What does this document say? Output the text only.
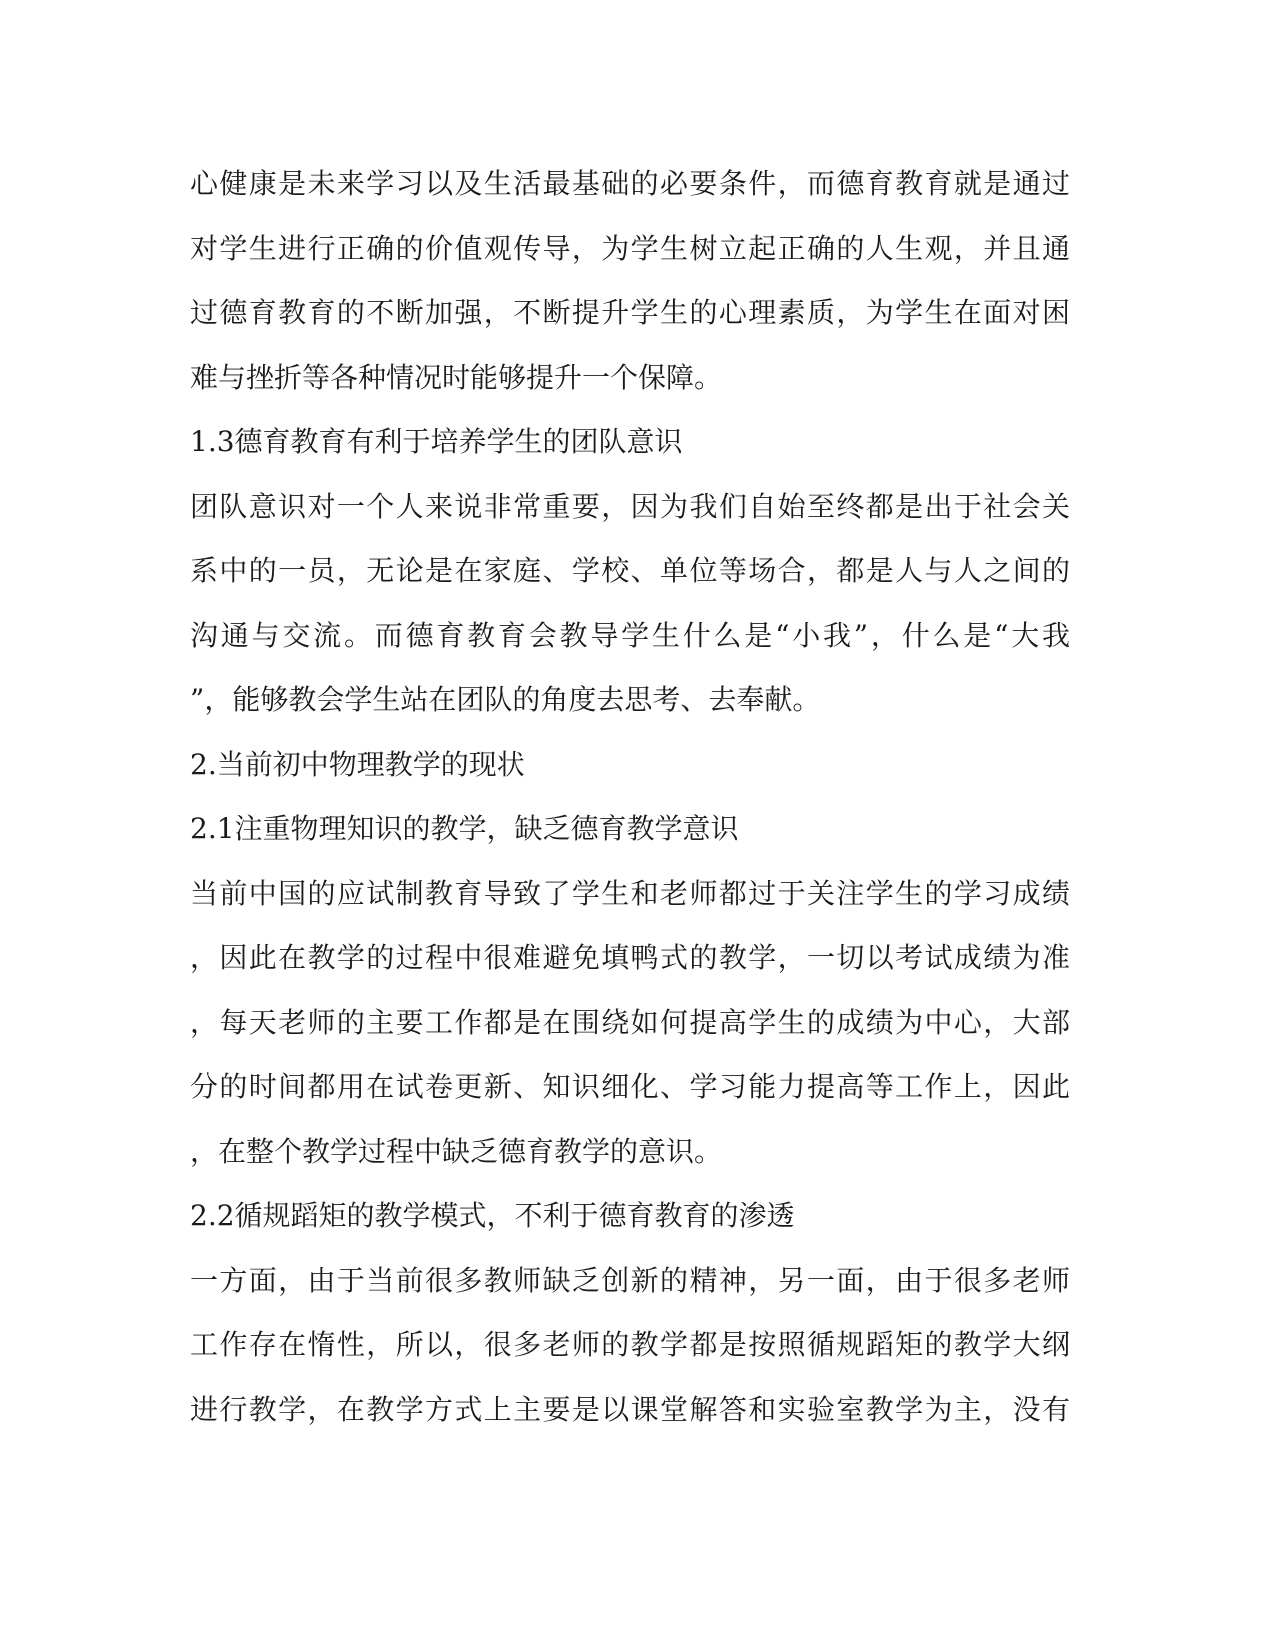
心健康是未来学习以及生活最基础的必要条件，而德育教育就是通过
对学生进行正确的价值观传导，为学生树立起正确的人生观，并且通
过德育教育的不断加强，不断提升学生的心理素质，为学生在面对困
难与挫折等各种情况时能够提升一个保障。
1.3德育教育有利于培养学生的团队意识
团队意识对一个人来说非常重要，因为我们自始至终都是出于社会关
系中的一员，无论是在家庭、学校、单位等场合，都是人与人之间的
沟通与交流。而德育教育会教导学生什么是“小我”，什么是“大我
”，能够教会学生站在团队的角度去思考、去奉献。
2.当前初中物理教学的现状
2.1注重物理知识的教学，缺乏德育教学意识
当前中国的应试制教育导致了学生和老师都过于关注学生的学习成绩
，因此在教学的过程中很难避免填鸭式的教学，一切以考试成绩为准
，每天老师的主要工作都是在围绕如何提高学生的成绩为中心，大部
分的时间都用在试卷更新、知识细化、学习能力提高等工作上，因此
，在整个教学过程中缺乏德育教学的意识。
2.2循规蹈矩的教学模式，不利于德育教育的渗透
一方面，由于当前很多教师缺乏创新的精神，另一面，由于很多老师
工作存在惰性，所以，很多老师的教学都是按照循规蹈矩的教学大纲
进行教学，在教学方式上主要是以课堂解答和实验室教学为主，没有
